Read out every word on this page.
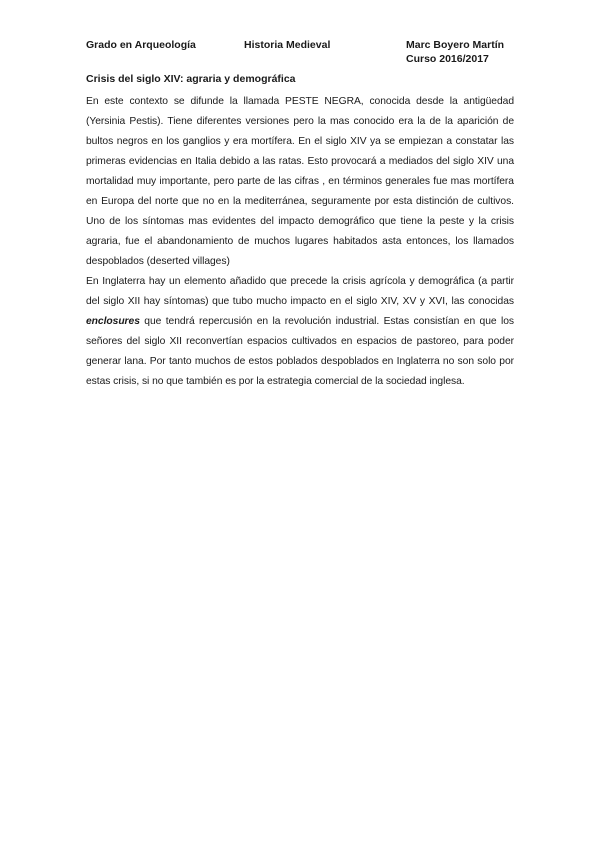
Grado en Arqueología	Historia Medieval	Marc Boyero Martín
Curso 2016/2017
Crisis del siglo XIV: agraria y demográfica

En este contexto se difunde la llamada PESTE NEGRA, conocida desde la antigüedad (Yersinia Pestis). Tiene diferentes versiones pero la mas conocido era la de la aparición de bultos negros en los ganglios y era mortífera. En el siglo XIV ya se empiezan a constatar las primeras evidencias en Italia debido a las ratas. Esto provocará a mediados del siglo XIV una mortalidad muy importante, pero parte de las cifras , en términos generales fue mas mortífera en Europa del norte que no en la mediterránea, seguramente por esta distinción de cultivos. Uno de los síntomas mas evidentes del impacto demográfico que tiene la peste y la crisis agraria, fue el abandonamiento de muchos lugares habitados asta entonces, los llamados despoblados (deserted villages)

En Inglaterra hay un elemento añadido que precede la crisis agrícola y demográfica (a partir del siglo XII hay síntomas) que tubo mucho impacto en el siglo XIV, XV y XVI, las conocidas enclosures que tendrá repercusión en la revolución industrial. Estas consistían en que los señores del siglo XII reconvertían espacios cultivados en espacios de pastoreo, para poder generar lana. Por tanto muchos de estos poblados despoblados en Inglaterra no son solo por estas crisis, si no que también es por la estrategia comercial de la sociedad inglesa.
